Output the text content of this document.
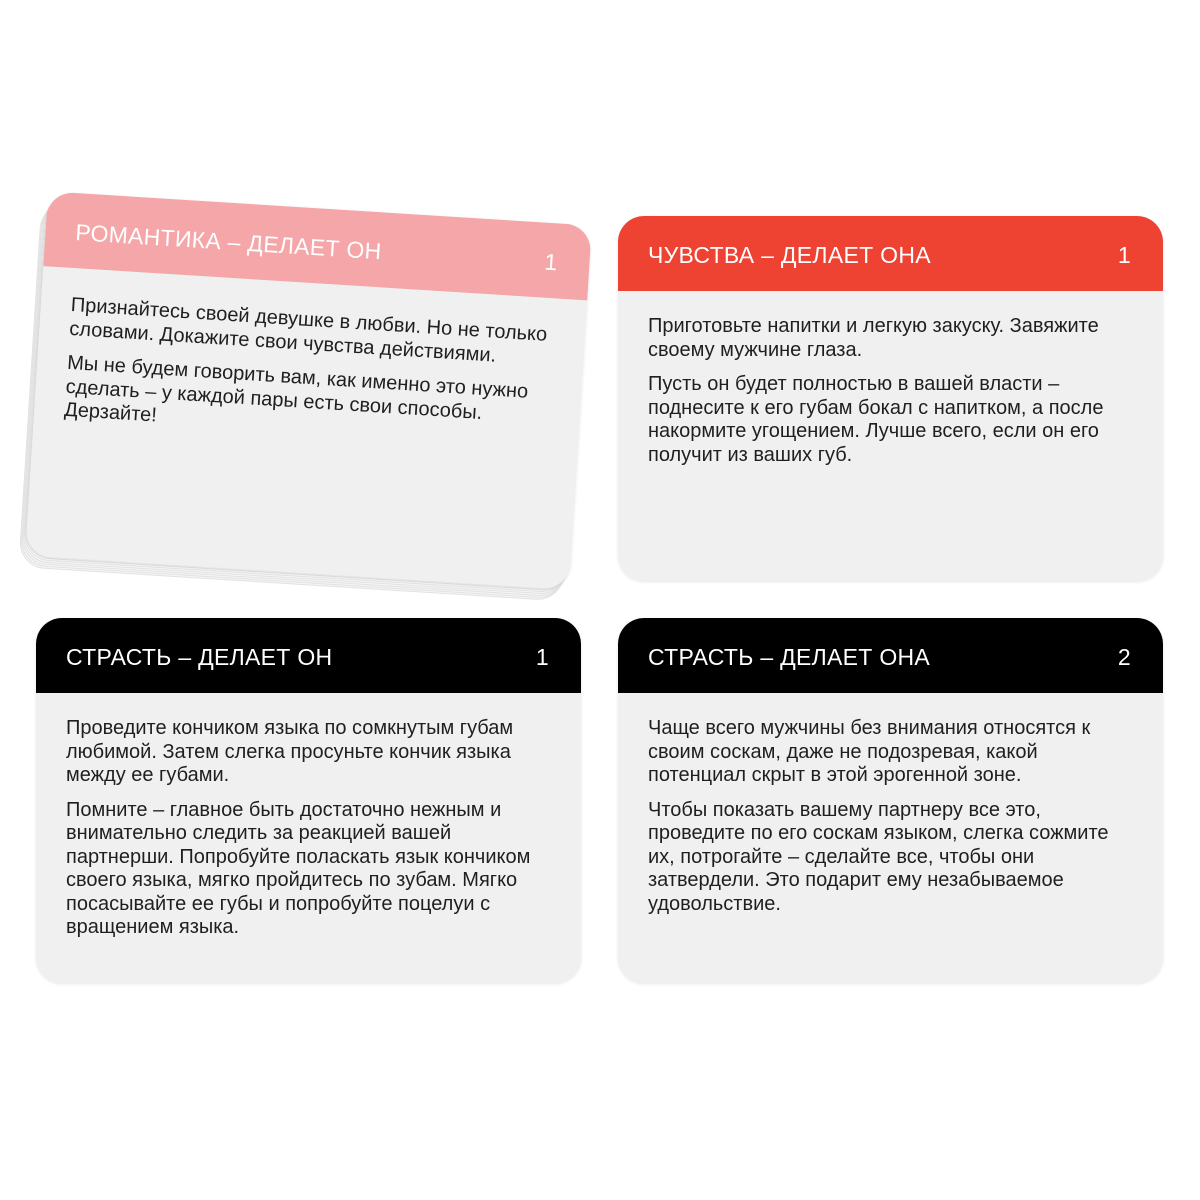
РОМАНТИКА – ДЕЛАЕТ ОН	1

Признайтесь своей девушке в любви. Но не только словами. Докажите свои чувства действиями.

Мы не будем говорить вам, как именно это нужно сделать – у каждой пары есть свои способы. Дерзайте!

ЧУВСТВА – ДЕЛАЕТ ОНА	1

Приготовьте напитки и легкую закуску. Завяжите своему мужчине глаза.

Пусть он будет полностью в вашей власти – поднесите к его губам бокал с напитком, а после накормите угощением. Лучше всего, если он его получит из ваших губ.

СТРАСТЬ – ДЕЛАЕТ ОН	1

Проведите кончиком языка по сомкнутым губам любимой. Затем слегка просуньте кончик языка между ее губами.

Помните – главное быть достаточно нежным и внимательно следить за реакцией вашей партнерши. Попробуйте поласкать язык кончиком своего языка, мягко пройдитесь по зубам. Мягко посасывайте ее губы и попробуйте поцелуи с вращением языка.

СТРАСТЬ – ДЕЛАЕТ ОНА	2

Чаще всего мужчины без внимания относятся к своим соскам, даже не подозревая, какой потенциал скрыт в этой эрогенной зоне.

Чтобы показать вашему партнеру все это, проведите по его соскам языком, слегка сожмите их, потрогайте – сделайте все, чтобы они затвердели. Это подарит ему незабываемое удовольствие.
